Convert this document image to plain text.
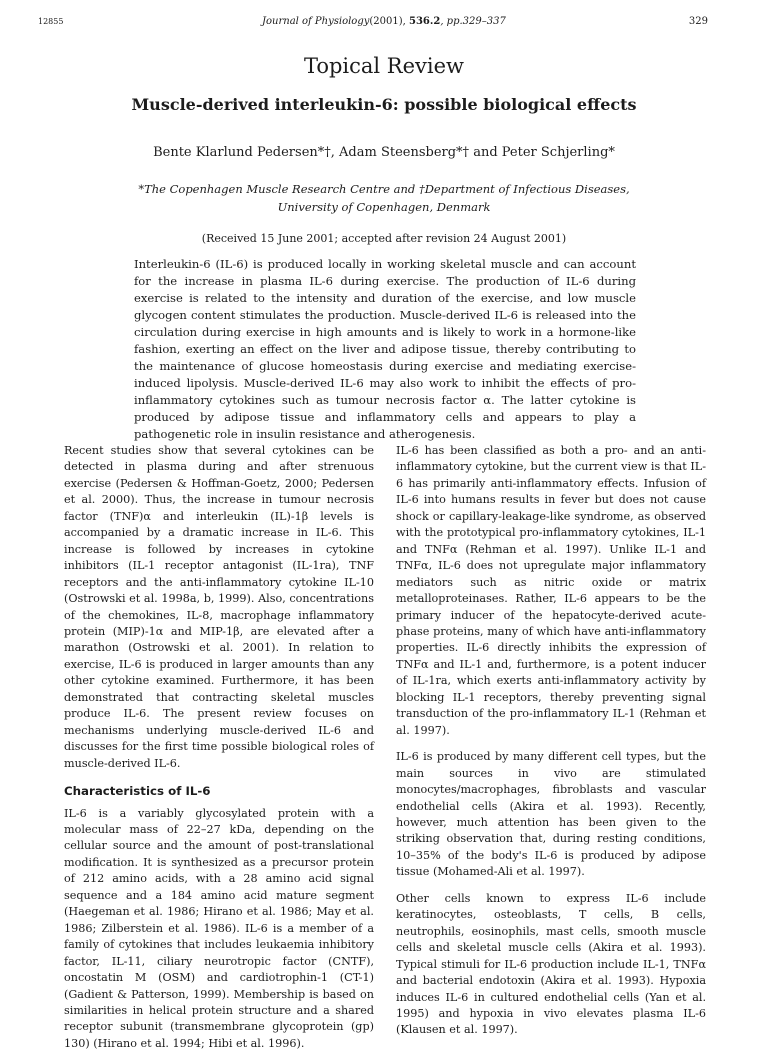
12855	Journal of Physiology(2001), 536.2, pp.329–337	329
Topical Review
Muscle-derived interleukin-6: possible biological effects
Bente Klarlund Pedersen*†, Adam Steensberg*† and Peter Schjerling*
*The Copenhagen Muscle Research Centre and †Department of Infectious Diseases,
University of Copenhagen, Denmark
(Received 15 June 2001; accepted after revision 24 August 2001)
Interleukin-6 (IL-6) is produced locally in working skeletal muscle and can account for the increase in plasma IL-6 during exercise. The production of IL-6 during exercise is related to the intensity and duration of the exercise, and low muscle glycogen content stimulates the production. Muscle-derived IL-6 is released into the circulation during exercise in high amounts and is likely to work in a hormone-like fashion, exerting an effect on the liver and adipose tissue, thereby contributing to the maintenance of glucose homeostasis during exercise and mediating exercise-induced lipolysis. Muscle-derived IL-6 may also work to inhibit the effects of pro-inflammatory cytokines such as tumour necrosis factor α. The latter cytokine is produced by adipose tissue and inflammatory cells and appears to play a pathogenetic role in insulin resistance and atherogenesis.

Recent studies show that several cytokines can be detected in plasma during and after strenuous exercise (Pedersen & Hoffman-Goetz, 2000; Pedersen et al. 2000). Thus, the increase in tumour necrosis factor (TNF)α and interleukin (IL)-1β levels is accompanied by a dramatic increase in IL-6. This increase is followed by increases in cytokine inhibitors (IL-1 receptor antagonist (IL-1ra), TNF receptors and the anti-inflammatory cytokine IL-10 (Ostrowski et al. 1998a, b, 1999). Also, concentrations of the chemokines, IL-8, macrophage inflammatory protein (MIP)-1α and MIP-1β, are elevated after a marathon (Ostrowski et al. 2001). In relation to exercise, IL-6 is produced in larger amounts than any other cytokine examined. Furthermore, it has been demonstrated that contracting skeletal muscles produce IL-6. The present review focuses on mechanisms underlying muscle-derived IL-6 and discusses for the first time possible biological roles of muscle-derived IL-6.

Characteristics of IL-6

IL-6 is a variably glycosylated protein with a molecular mass of 22–27 kDa, depending on the cellular source and the amount of post-translational modification. It is synthesized as a precursor protein of 212 amino acids, with a 28 amino acid signal sequence and a 184 amino acid mature segment (Haegeman et al. 1986; Hirano et al. 1986; May et al. 1986; Zilberstein et al. 1986). IL-6 is a member of a family of cytokines that includes leukaemia inhibitory factor, IL-11, ciliary neurotropic factor (CNTF), oncostatin M (OSM) and cardiotrophin-1 (CT-1) (Gadient & Patterson, 1999). Membership is based on similarities in helical protein structure and a shared receptor subunit (transmembrane glycoprotein (gp) 130) (Hirano et al. 1994; Hibi et al. 1996).

IL-6 has been classified as both a pro- and an anti-inflammatory cytokine, but the current view is that IL-6 has primarily anti-inflammatory effects. Infusion of IL-6 into humans results in fever but does not cause shock or capillary-leakage-like syndrome, as observed with the prototypical pro-inflammatory cytokines, IL-1 and TNFα (Rehman et al. 1997). Unlike IL-1 and TNFα, IL-6 does not upregulate major inflammatory mediators such as nitric oxide or matrix metalloproteinases. Rather, IL-6 appears to be the primary inducer of the hepatocyte-derived acute-phase proteins, many of which have anti-inflammatory properties. IL-6 directly inhibits the expression of TNFα and IL-1 and, furthermore, is a potent inducer of IL-1ra, which exerts anti-inflammatory activity by blocking IL-1 receptors, thereby preventing signal transduction of the pro-inflammatory IL-1 (Rehman et al. 1997).

IL-6 is produced by many different cell types, but the main sources in vivo are stimulated monocytes/macrophages, fibroblasts and vascular endothelial cells (Akira et al. 1993). Recently, however, much attention has been given to the striking observation that, during resting conditions, 10–35% of the body's IL-6 is produced by adipose tissue (Mohamed-Ali et al. 1997).

Other cells known to express IL-6 include keratinocytes, osteoblasts, T cells, B cells, neutrophils, eosinophils, mast cells, smooth muscle cells and skeletal muscle cells (Akira et al. 1993). Typical stimuli for IL-6 production include IL-1, TNFα and bacterial endotoxin (Akira et al. 1993). Hypoxia induces IL-6 in cultured endothelial cells (Yan et al. 1995) and hypoxia in vivo elevates plasma IL-6 (Klausen et al. 1997).
